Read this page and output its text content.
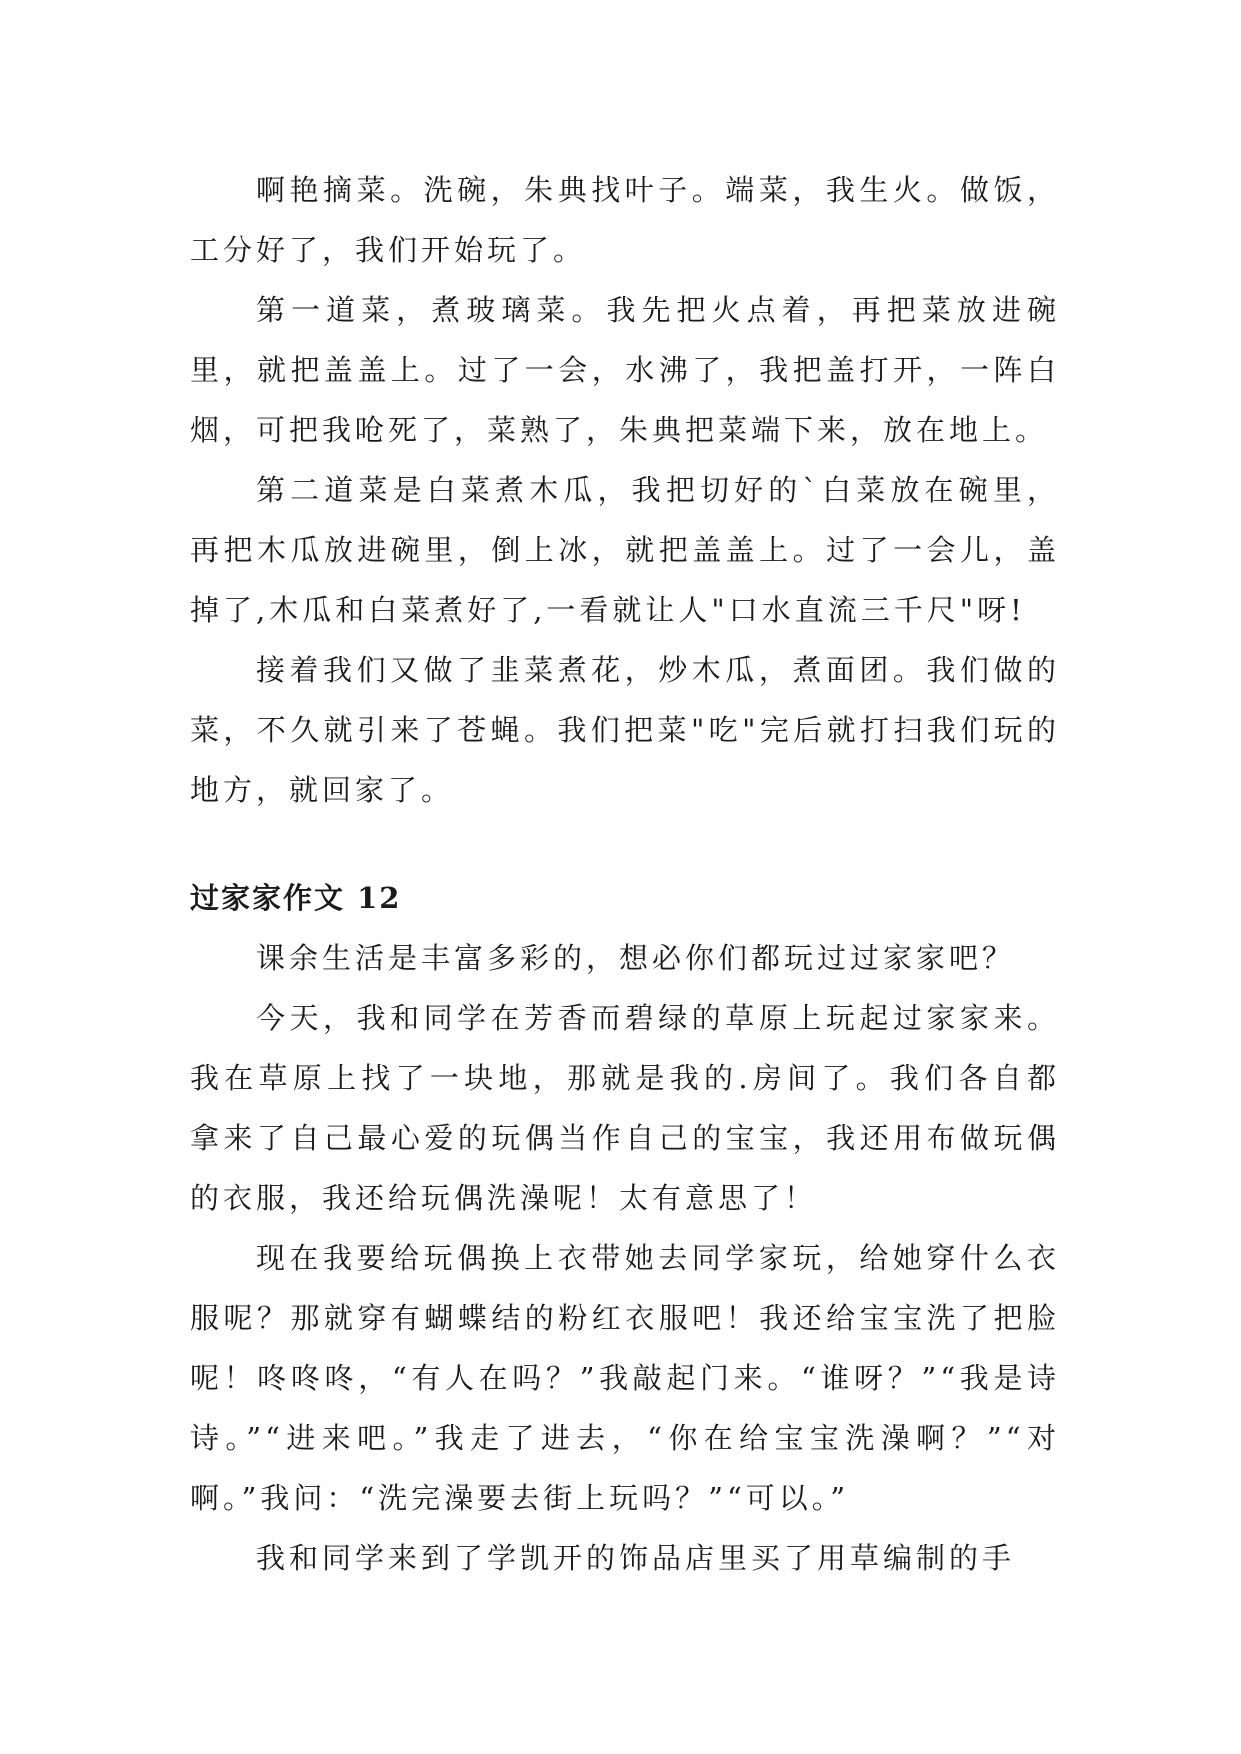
啊艳摘菜。洗碗，朱典找叶子。端菜，我生火。做饭，工分好了，我们开始玩了。

第一道菜，煮玻璃菜。我先把火点着，再把菜放进碗里，就把盖盖上。过了一会，水沸了，我把盖打开，一阵白烟，可把我呛死了，菜熟了，朱典把菜端下来，放在地上。

第二道菜是白菜煮木瓜，我把切好的`白菜放在碗里，再把木瓜放进碗里，倒上冰，就把盖盖上。过了一会儿，盖掉了,木瓜和白菜煮好了,一看就让人"口水直流三千尺"呀!

接着我们又做了韭菜煮花，炒木瓜，煮面团。我们做的菜，不久就引来了苍蝇。我们把菜"吃"完后就打扫我们玩的地方，就回家了。

过家家作文 12

课余生活是丰富多彩的，想必你们都玩过过家家吧？

今天，我和同学在芳香而碧绿的草原上玩起过家家来。我在草原上找了一块地，那就是我的.房间了。我们各自都拿来了自己最心爱的玩偶当作自己的宝宝，我还用布做玩偶的衣服，我还给玩偶洗澡呢！太有意思了！

现在我要给玩偶换上衣带她去同学家玩，给她穿什么衣服呢？那就穿有蝴蝶结的粉红衣服吧！我还给宝宝洗了把脸呢！咚咚咚，“有人在吗？”我敲起门来。“谁呀？”“我是诗诗。”“进来吧。”我走了进去，“你在给宝宝洗澡啊？”“对啊。”我问：“洗完澡要去街上玩吗？”“可以。”

我和同学来到了学凯开的饰品店里买了用草编制的手
